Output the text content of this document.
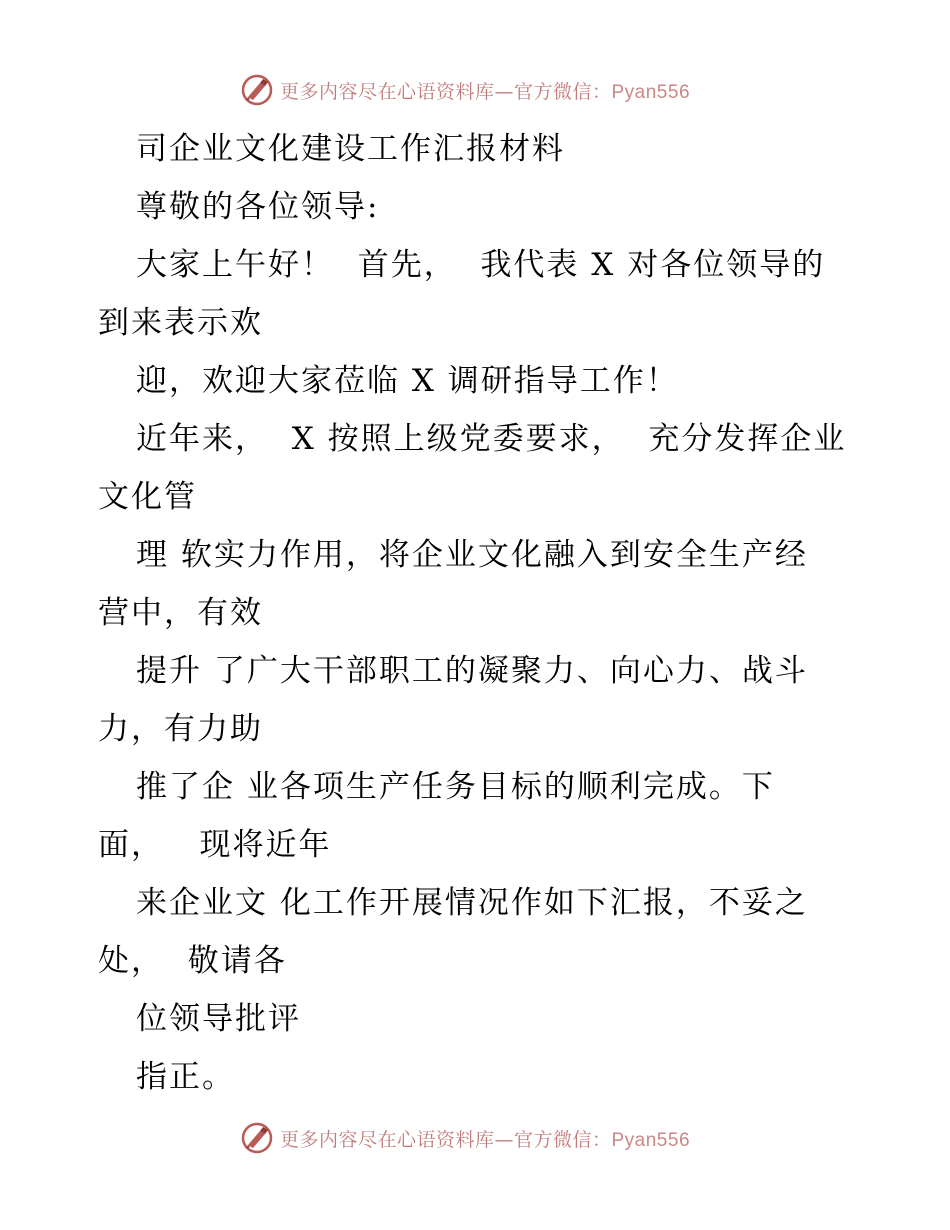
更多内容尽在心语资料库—官方微信：Pyan556
司企业文化建设工作汇报材料
尊敬的各位领导:
大家上午好！  首先，  我代表 X 对各位领导的
到来表示欢
迎，欢迎大家莅临 X 调研指导工作！
近年来，  X 按照上级党委要求，  充分发挥企业
文化管
理 软实力作用，将企业文化融入到安全生产经
营中，有效
提升 了广大干部职工的凝聚力、向心力、战斗
力，有力助
推了企 业各项生产任务目标的顺利完成。下
面，   现将近年
来企业文 化工作开展情况作如下汇报，不妥之
处，  敬请各
位领导批评
指正。
更多内容尽在心语资料库—官方微信：Pyan556
